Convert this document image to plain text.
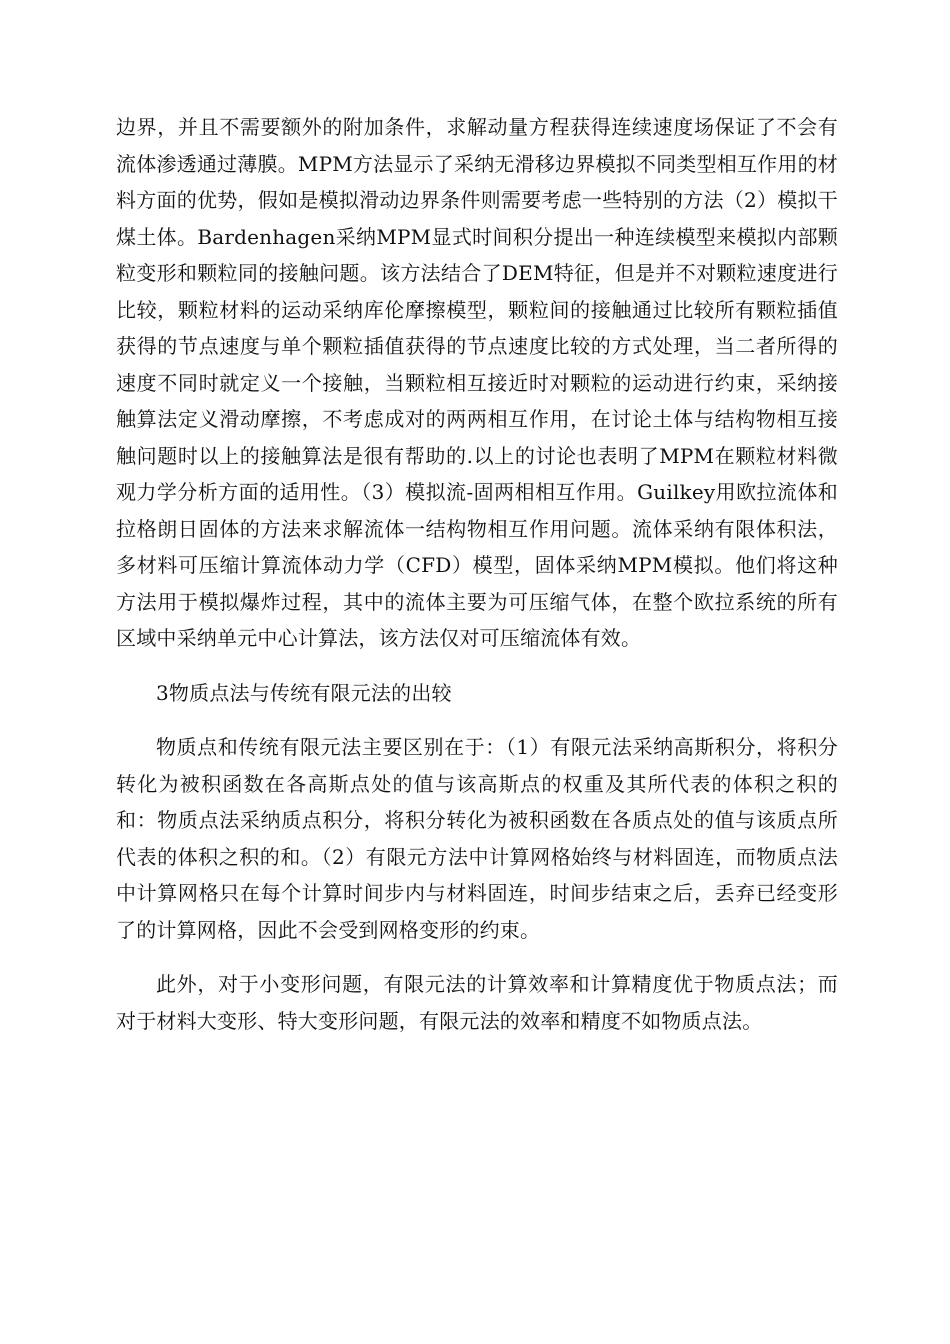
边界，并且不需要额外的附加条件，求解动量方程获得连续速度场保证了不会有流体渗透通过薄膜。MPM方法显示了采纳无滑移边界模拟不同类型相互作用的材料方面的优势，假如是模拟滑动边界条件则需要考虑一些特别的方法（2）模拟干煤土体。Bardenhagen采纳MPM显式时间积分提出一种连续模型来模拟内部颗粒变形和颗粒同的接触问题。该方法结合了DEM特征，但是并不对颗粒速度进行比较，颗粒材料的运动采纳库伦摩擦模型，颗粒间的接触通过比较所有颗粒插值获得的节点速度与单个颗粒插值获得的节点速度比较的方式处理，当二者所得的速度不同时就定义一个接触，当颗粒相互接近时对颗粒的运动进行约束，采纳接触算法定义滑动摩擦，不考虑成对的两两相互作用，在讨论土体与结构物相互接触问题时以上的接触算法是很有帮助的.以上的讨论也表明了MPM在颗粒材料微观力学分析方面的适用性。（3）模拟流-固两相相互作用。Guilkey用欧拉流体和拉格朗日固体的方法来求解流体一结构物相互作用问题。流体采纳有限体积法，多材料可压缩计算流体动力学（CFD）模型，固体采纳MPM模拟。他们将这种方法用于模拟爆炸过程，其中的流体主要为可压缩气体，在整个欧拉系统的所有区域中采纳单元中心计算法，该方法仅对可压缩流体有效。

3物质点法与传统有限元法的出较

物质点和传统有限元法主要区别在于：（1）有限元法采纳高斯积分，将积分转化为被积函数在各高斯点处的值与该高斯点的权重及其所代表的体积之积的和：物质点法采纳质点积分，将积分转化为被积函数在各质点处的值与该质点所代表的体积之积的和。（2）有限元方法中计算网格始终与材料固连，而物质点法中计算网格只在每个计算时间步内与材料固连，时间步结束之后，丢弃已经变形了的计算网格，因此不会受到网格变形的约束。

此外，对于小变形问题，有限元法的计算效率和计算精度优于物质点法；而对于材料大变形、特大变形问题，有限元法的效率和精度不如物质点法。
